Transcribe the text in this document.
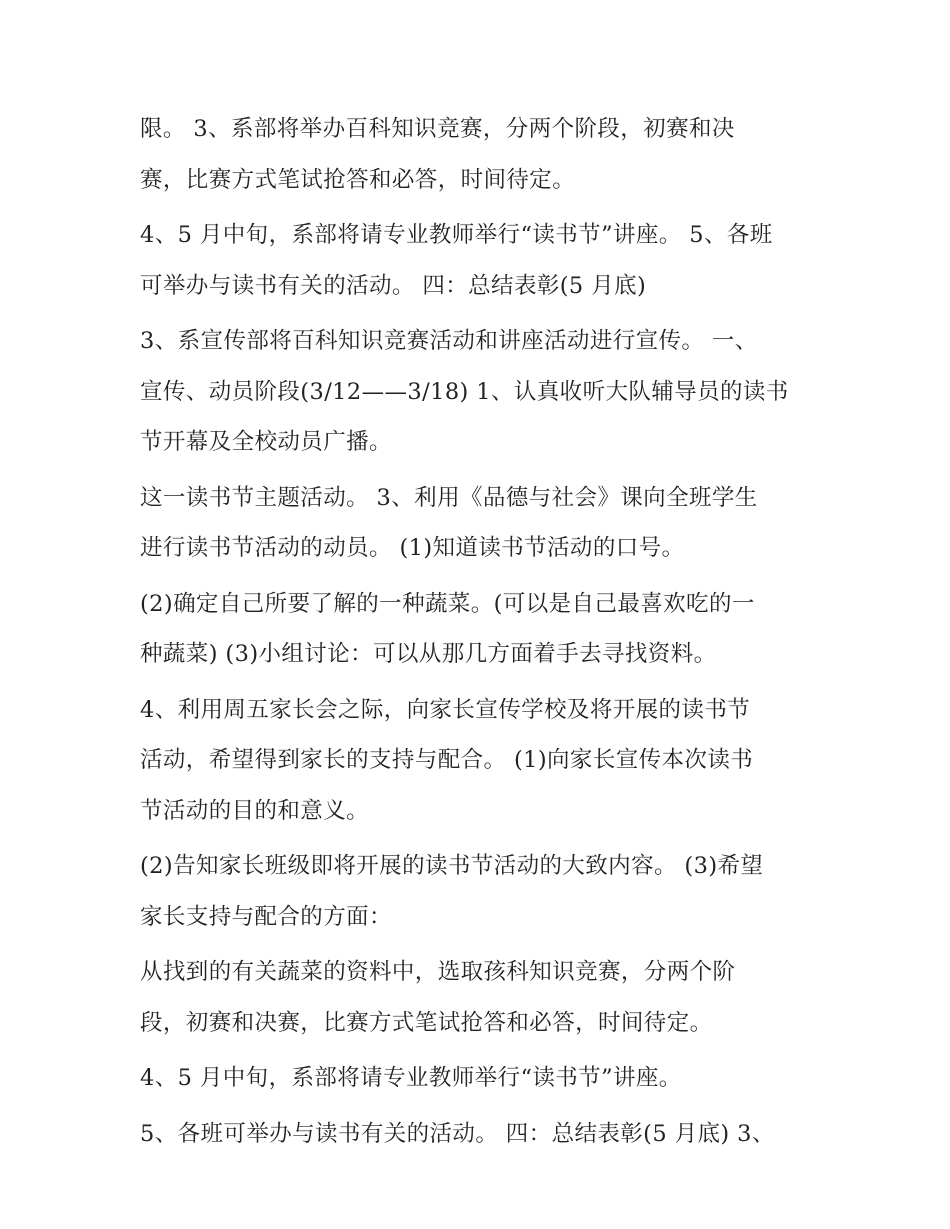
限。 3、系部将举办百科知识竞赛，分两个阶段，初赛和决
赛，比赛方式笔试抢答和必答，时间待定。
4、5 月中旬，系部将请专业教师举行“读书节”讲座。 5、各班
可举办与读书有关的活动。 四：总结表彰(5 月底)
3、系宣传部将百科知识竞赛活动和讲座活动进行宣传。 一、
宣传、动员阶段(3/12——3/18) 1、认真收听大队辅导员的读书
节开幕及全校动员广播。
这一读书节主题活动。 3、利用《品德与社会》课向全班学生
进行读书节活动的动员。 (1)知道读书节活动的口号。
(2)确定自己所要了解的一种蔬菜。(可以是自己最喜欢吃的一
种蔬菜) (3)小组讨论：可以从那几方面着手去寻找资料。
4、利用周五家长会之际，向家长宣传学校及将开展的读书节
活动，希望得到家长的支持与配合。 (1)向家长宣传本次读书
节活动的目的和意义。
(2)告知家长班级即将开展的读书节活动的大致内容。 (3)希望
家长支持与配合的方面：
从找到的有关蔬菜的资料中，选取孩科知识竞赛，分两个阶
段，初赛和决赛，比赛方式笔试抢答和必答，时间待定。
4、5 月中旬，系部将请专业教师举行“读书节”讲座。
5、各班可举办与读书有关的活动。 四：总结表彰(5 月底) 3、
